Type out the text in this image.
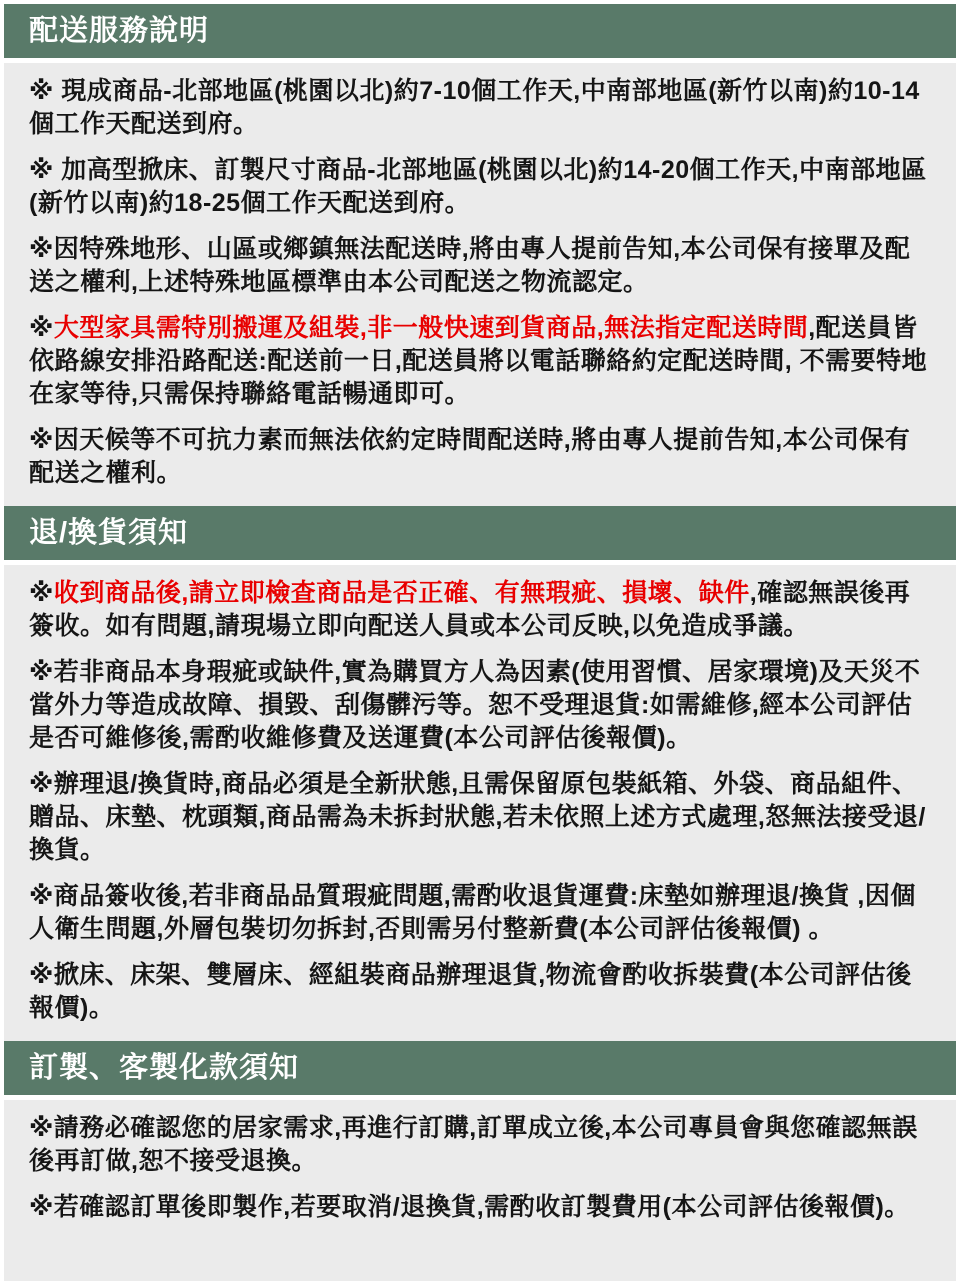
配送服務說明

※ 現成商品-北部地區(桃園以北)約7-10個工作天,中南部地區(新竹以南)約10-14個工作天配送到府。

※ 加高型掀床、訂製尺寸商品-北部地區(桃園以北)約14-20個工作天,中南部地區(新竹以南)約18-25個工作天配送到府。

※因特殊地形、山區或鄉鎮無法配送時,將由專人提前告知,本公司保有接單及配送之權利,上述特殊地區標準由本公司配送之物流認定。

※大型家具需特別搬運及組裝,非一般快速到貨商品,無法指定配送時間,配送員皆依路線安排沿路配送:配送前一日,配送員將以電話聯絡約定配送時間, 不需要特地在家等待,只需保持聯絡電話暢通即可。

※因天候等不可抗力素而無法依約定時間配送時,將由專人提前告知,本公司保有配送之權利。

退/換貨須知

※收到商品後,請立即檢查商品是否正確、有無瑕疵、損壞、缺件,確認無誤後再簽收。如有問題,請現場立即向配送人員或本公司反映,以免造成爭議。

※若非商品本身瑕疵或缺件,實為購買方人為因素(使用習慣、居家環境)及天災不當外力等造成故障、損毀、刮傷髒污等。恕不受理退貨:如需維修,經本公司評估是否可維修後,需酌收維修費及送運費(本公司評估後報價)。

※辦理退/換貨時,商品必須是全新狀態,且需保留原包裝紙箱、外袋、商品組件、贈品、床墊、枕頭類,商品需為未拆封狀態,若未依照上述方式處理,怒無法接受退/換貨。

※商品簽收後,若非商品品質瑕疵問題,需酌收退貨運費:床墊如辦理退/換貨 ,因個人衛生問題,外層包裝切勿拆封,否則需另付整新費(本公司評估後報價) 。

※掀床、床架、雙層床、經組裝商品辦理退貨,物流會酌收拆裝費(本公司評估後報價)。

訂製、客製化款須知

※請務必確認您的居家需求,再進行訂購,訂單成立後,本公司專員會與您確認無誤後再訂做,恕不接受退換。

※若確認訂單後即製作,若要取消/退換貨,需酌收訂製費用(本公司評估後報價)。
